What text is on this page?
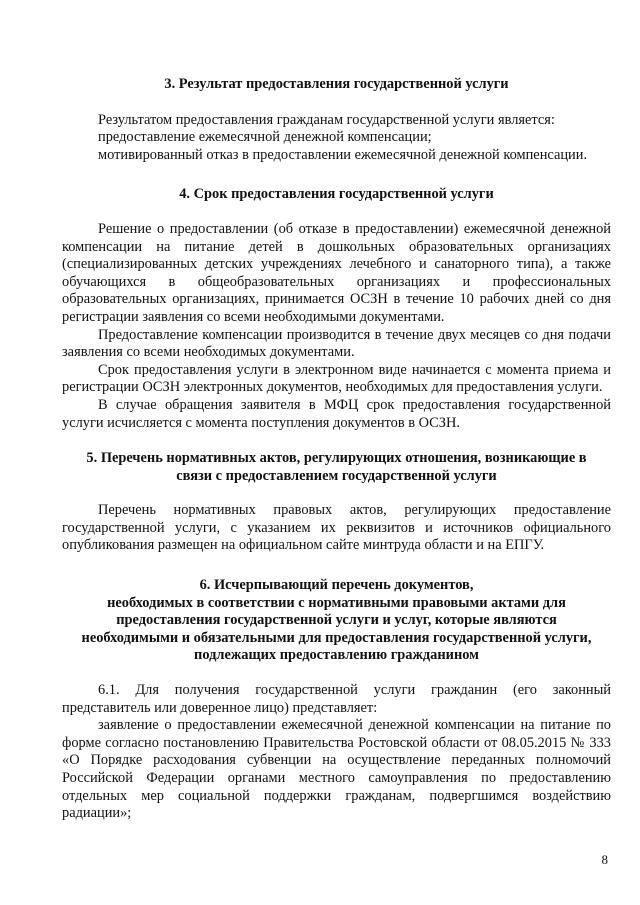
3. Результат предоставления государственной услуги

Результатом предоставления гражданам государственной услуги является:

предоставление ежемесячной денежной компенсации;

мотивированный отказ в предоставлении ежемесячной денежной компенсации.

4. Срок предоставления государственной услуги

Решение о предоставлении (об отказе в предоставлении) ежемесячной денежной компенсации на питание детей в дошкольных образовательных организациях (специализированных детских учреждениях лечебного и санаторного типа), а также обучающихся в общеобразовательных организациях и профессиональных образовательных организациях, принимается ОСЗН в течение 10 рабочих дней со дня регистрации заявления со всеми необходимыми документами.

Предоставление компенсации производится в течение двух месяцев со дня подачи заявления со всеми необходимых документами.

Срок предоставления услуги в электронном виде начинается с момента приема и регистрации ОСЗН электронных документов, необходимых для предоставления услуги.

В случае обращения заявителя в МФЦ срок предоставления государственной услуги исчисляется с момента поступления документов в ОСЗН.

5. Перечень нормативных актов, регулирующих отношения, возникающие в
связи с предоставлением государственной услуги

Перечень нормативных правовых актов, регулирующих предоставление государственной услуги, с указанием их реквизитов и источников официального опубликования размещен на официальном сайте минтруда области и на ЕПГУ.

6. Исчерпывающий перечень документов,
необходимых в соответствии с нормативными правовыми актами для
предоставления государственной услуги и услуг, которые являются
необходимыми и обязательными для предоставления государственной услуги,
подлежащих предоставлению гражданином

6.1. Для получения государственной услуги гражданин (его законный представитель или доверенное лицо) представляет:

заявление о предоставлении ежемесячной денежной компенсации на питание по форме согласно постановлению Правительства Ростовской области от 08.05.2015 № 333 «О Порядке расходования субвенции на осуществление переданных полномочий Российской Федерации органами местного самоуправления по предоставлению отдельных мер социальной поддержки гражданам, подвергшимся воздействию радиации»;

8
